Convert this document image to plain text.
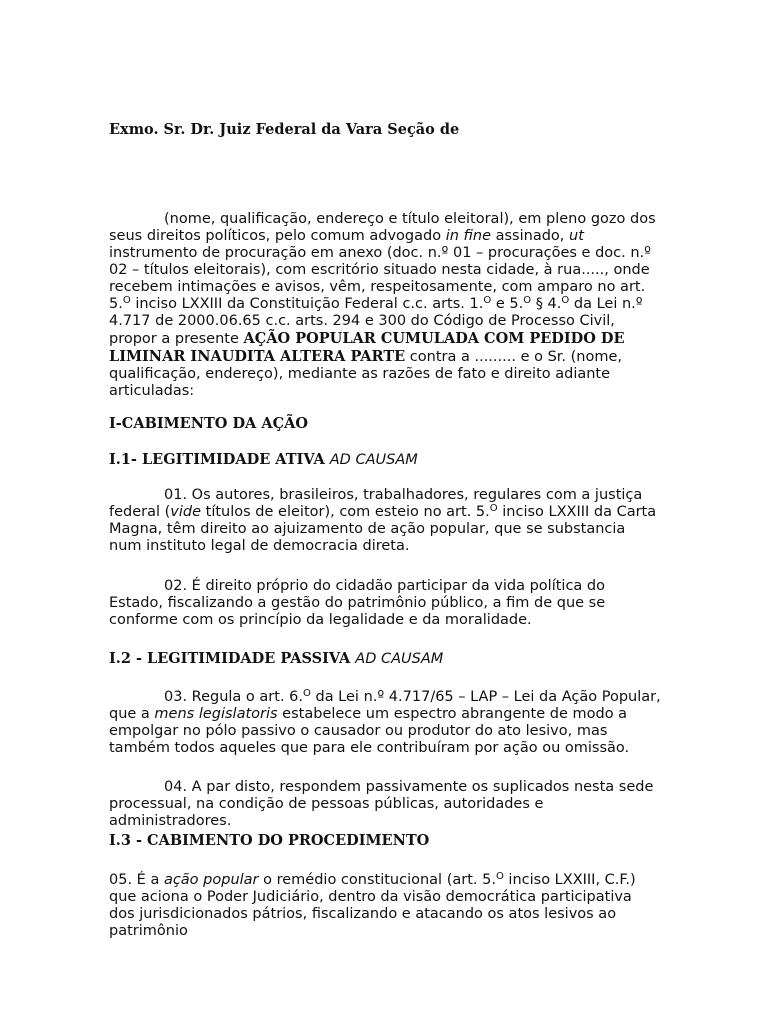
Exmo. Sr. Dr. Juiz Federal da Vara Seção de

(nome, qualificação, endereço e título eleitoral), em pleno gozo dos seus direitos políticos, pelo comum advogado in fine assinado, ut instrumento de procuração em anexo (doc. n.º 01 – procurações e doc. n.º 02 – títulos eleitorais), com escritório situado nesta cidade, à rua....., onde recebem intimações e avisos, vêm, respeitosamente, com amparo no art. 5.$^O$ inciso LXXIII da Constituição Federal c.c. arts. 1.$^O$ e 5.$^O$ § 4.$^O$ da Lei n.º 4.717 de 2000.06.65 c.c. arts. 294 e 300 do Código de Processo Civil, propor a presente AÇÃO POPULAR CUMULADA COM PEDIDO DE LIMINAR INAUDITA ALTERA PARTE contra a ......... e o Sr. (nome, qualificação, endereço), mediante as razões de fato e direito adiante articuladas:

I-CABIMENTO DA AÇÃO
I.1- LEGITIMIDADE ATIVA AD CAUSAM

01. Os autores, brasileiros, trabalhadores, regulares com a justiça federal (vide títulos de eleitor), com esteio no art. 5.$^O$ inciso LXXIII da Carta Magna, têm direito ao ajuizamento de ação popular, que se substancia num instituto legal de democracia direta.

02. É direito próprio do cidadão participar da vida política do Estado, fiscalizando a gestão do patrimônio público, a fim de que se conforme com os princípio da legalidade e da moralidade.

I.2 - LEGITIMIDADE PASSIVA AD CAUSAM

03. Regula o art. 6.$^O$ da Lei n.º 4.717/65 – LAP – Lei da Ação Popular, que a mens legislatoris estabelece um espectro abrangente de modo a empolgar no pólo passivo o causador ou produtor do ato lesivo, mas também todos aqueles que para ele contribuíram por ação ou omissão.

04. A par disto, respondem passivamente os suplicados nesta sede processual, na condição de pessoas públicas, autoridades e administradores.

I.3 - CABIMENTO DO PROCEDIMENTO

05. É a ação popular o remédio constitucional (art. 5.$^O$ inciso LXXIII, C.F.) que aciona o Poder Judiciário, dentro da visão democrática participativa dos jurisdicionados pátrios, fiscalizando e atacando os atos lesivos ao patrimônio
